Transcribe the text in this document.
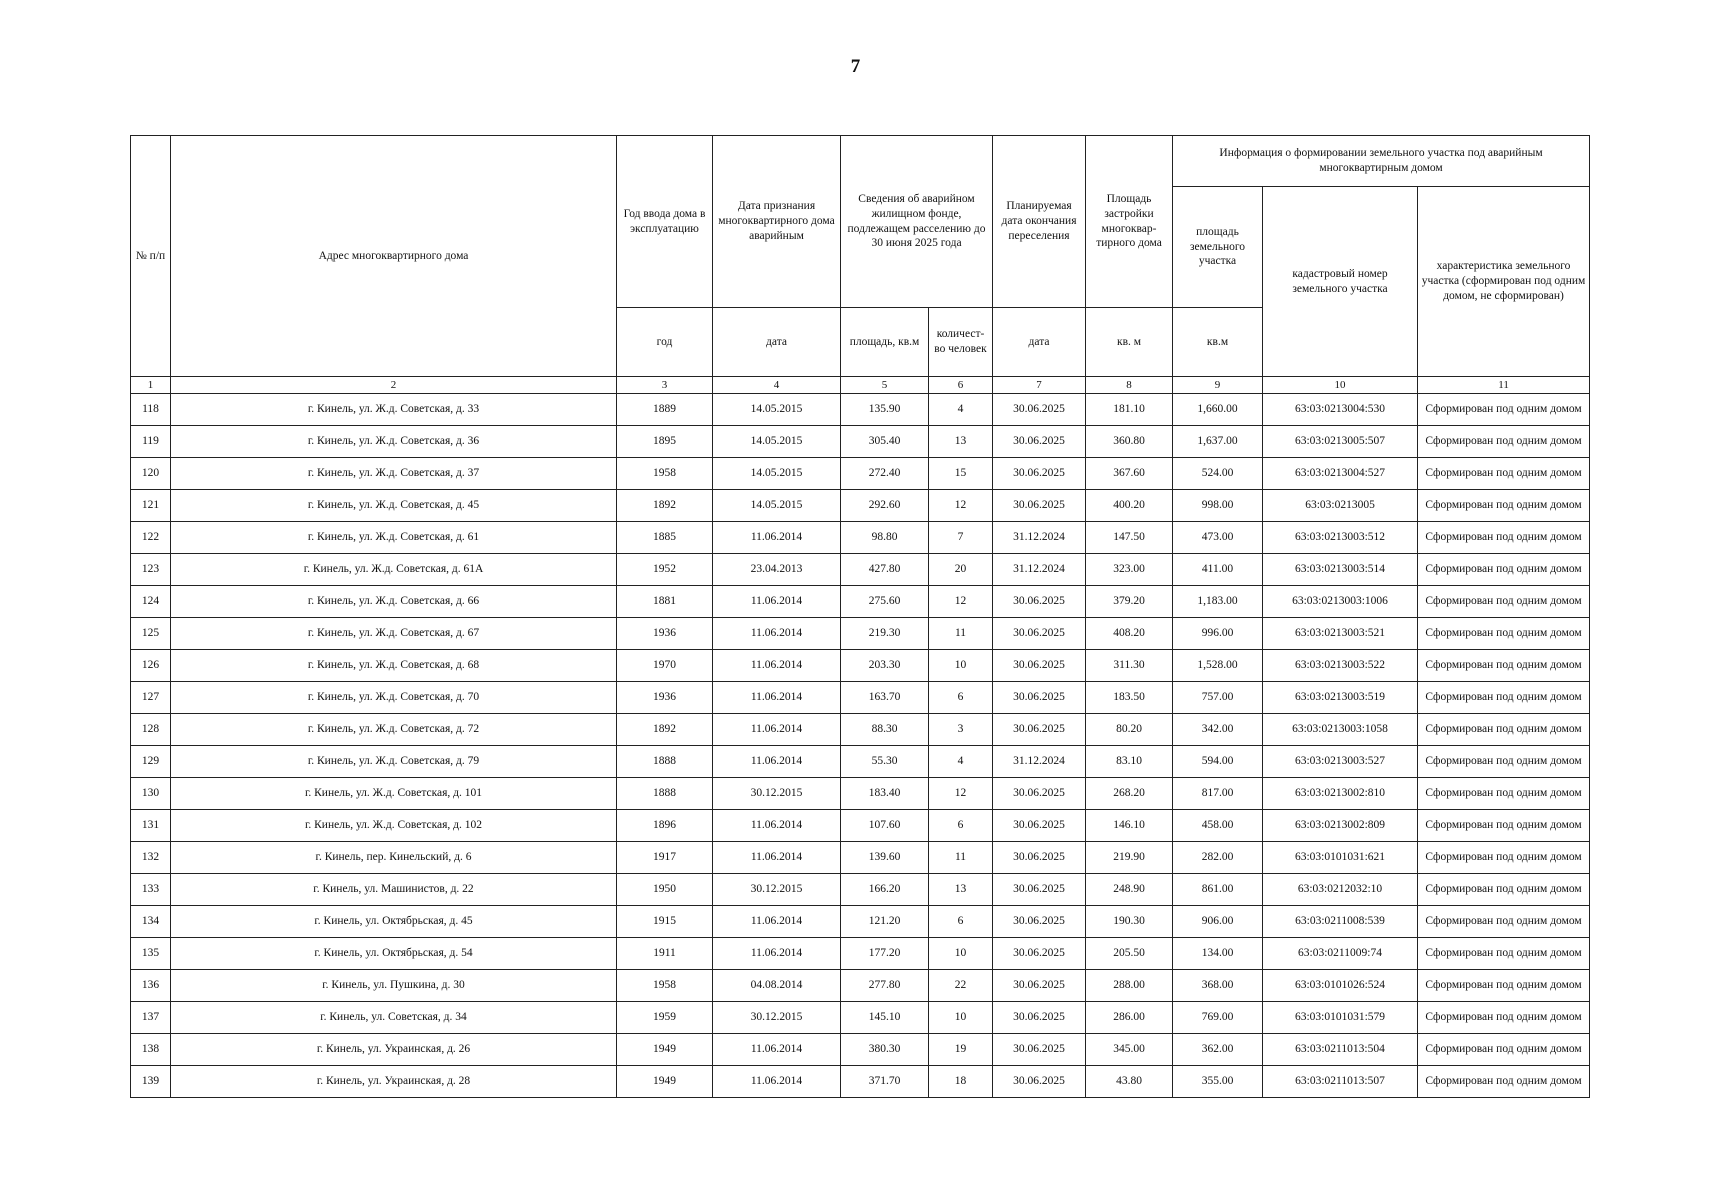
7
№ п/п	Адрес многоквартирного дома	Год ввода дома в эксплуатацию	Дата признания многоквартирного дома аварийным	Сведения об аварийном жилищном фонде, подлежащем расселению до 30 июня 2025 года		Планируемая дата окончания переселения	Площадь застройки многоквар-тирного дома	Информация о формировании земельного участка под аварийным многоквартирным домом		
								площадь земельного участка	кадастровый номер земельного участка	характеристика земельного участка (сформирован под одним домом, не сформирован)
		год	дата	площадь, кв.м	количест-во человек	дата	кв. м	кв.м		
1	2	3	4	5	6	7	8	9	10	11
118	г. Кинель, ул. Ж.д. Советская, д. 33	1889	14.05.2015	135.90	4	30.06.2025	181.10	1,660.00	63:03:0213004:530	Сформирован под одним домом
119	г. Кинель, ул. Ж.д. Советская, д. 36	1895	14.05.2015	305.40	13	30.06.2025	360.80	1,637.00	63:03:0213005:507	Сформирован под одним домом
120	г. Кинель, ул. Ж.д. Советская, д. 37	1958	14.05.2015	272.40	15	30.06.2025	367.60	524.00	63:03:0213004:527	Сформирован под одним домом
121	г. Кинель, ул. Ж.д. Советская, д. 45	1892	14.05.2015	292.60	12	30.06.2025	400.20	998.00	63:03:0213005	Сформирован под одним домом
122	г. Кинель, ул. Ж.д. Советская, д. 61	1885	11.06.2014	98.80	7	31.12.2024	147.50	473.00	63:03:0213003:512	Сформирован под одним домом
123	г. Кинель, ул. Ж.д. Советская, д. 61А	1952	23.04.2013	427.80	20	31.12.2024	323.00	411.00	63:03:0213003:514	Сформирован под одним домом
124	г. Кинель, ул. Ж.д. Советская, д. 66	1881	11.06.2014	275.60	12	30.06.2025	379.20	1,183.00	63:03:0213003:1006	Сформирован под одним домом
125	г. Кинель, ул. Ж.д. Советская, д. 67	1936	11.06.2014	219.30	11	30.06.2025	408.20	996.00	63:03:0213003:521	Сформирован под одним домом
126	г. Кинель, ул. Ж.д. Советская, д. 68	1970	11.06.2014	203.30	10	30.06.2025	311.30	1,528.00	63:03:0213003:522	Сформирован под одним домом
127	г. Кинель, ул. Ж.д. Советская, д. 70	1936	11.06.2014	163.70	6	30.06.2025	183.50	757.00	63:03:0213003:519	Сформирован под одним домом
128	г. Кинель, ул. Ж.д. Советская, д. 72	1892	11.06.2014	88.30	3	30.06.2025	80.20	342.00	63:03:0213003:1058	Сформирован под одним домом
129	г. Кинель, ул. Ж.д. Советская, д. 79	1888	11.06.2014	55.30	4	31.12.2024	83.10	594.00	63:03:0213003:527	Сформирован под одним домом
130	г. Кинель, ул. Ж.д. Советская, д. 101	1888	30.12.2015	183.40	12	30.06.2025	268.20	817.00	63:03:0213002:810	Сформирован под одним домом
131	г. Кинель, ул. Ж.д. Советская, д. 102	1896	11.06.2014	107.60	6	30.06.2025	146.10	458.00	63:03:0213002:809	Сформирован под одним домом
132	г. Кинель, пер. Кинельский, д. 6	1917	11.06.2014	139.60	11	30.06.2025	219.90	282.00	63:03:0101031:621	Сформирован под одним домом
133	г. Кинель, ул. Машинистов, д. 22	1950	30.12.2015	166.20	13	30.06.2025	248.90	861.00	63:03:0212032:10	Сформирован под одним домом
134	г. Кинель, ул. Октябрьская, д. 45	1915	11.06.2014	121.20	6	30.06.2025	190.30	906.00	63:03:0211008:539	Сформирован под одним домом
135	г. Кинель, ул. Октябрьская, д. 54	1911	11.06.2014	177.20	10	30.06.2025	205.50	134.00	63:03:0211009:74	Сформирован под одним домом
136	г. Кинель, ул. Пушкина, д. 30	1958	04.08.2014	277.80	22	30.06.2025	288.00	368.00	63:03:0101026:524	Сформирован под одним домом
137	г. Кинель, ул. Советская, д. 34	1959	30.12.2015	145.10	10	30.06.2025	286.00	769.00	63:03:0101031:579	Сформирован под одним домом
138	г. Кинель, ул. Украинская, д. 26	1949	11.06.2014	380.30	19	30.06.2025	345.00	362.00	63:03:0211013:504	Сформирован под одним домом
139	г. Кинель, ул. Украинская, д. 28	1949	11.06.2014	371.70	18	30.06.2025	43.80	355.00	63:03:0211013:507	Сформирован под одним домом
